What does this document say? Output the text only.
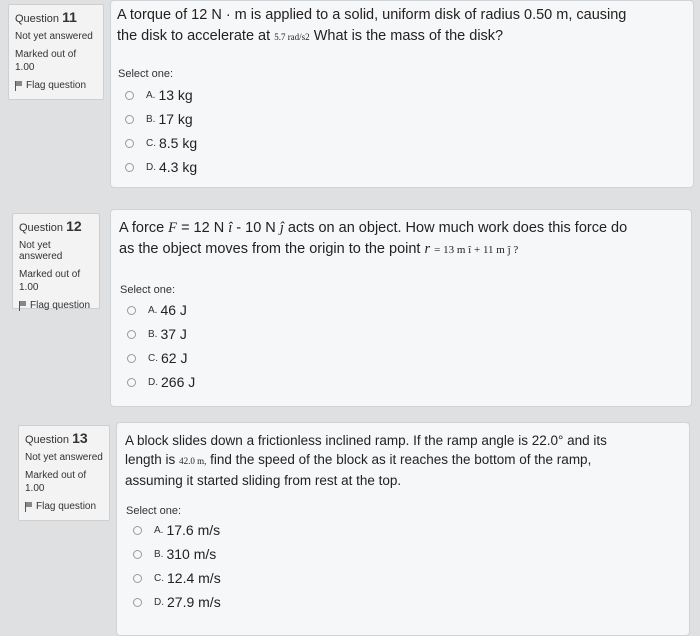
Question 11
Not yet answered
Marked out of
1.00
Flag question
A torque of 12 N · m is applied to a solid, uniform disk of radius 0.50 m, causing
the disk to accelerate at 5.7 rad/s2 What is the mass of the disk?
Select one:
A. 13 kg
B. 17 kg
C. 8.5 kg
D. 4.3 kg
Question 12
Not yet answered
Marked out of
1.00
Flag question
A force F = 12 N î - 10 N ĵ acts on an object. How much work does this force do
as the object moves from the origin to the point r = 13 m î + 11 m ĵ ?
Select one:
A. 46 J
B. 37 J
C. 62 J
D. 266 J
Question 13
Not yet answered
Marked out of
1.00
Flag question
A block slides down a frictionless inclined ramp. If the ramp angle is 22.0° and its
length is 42.0 m, find the speed of the block as it reaches the bottom of the ramp,
assuming it started sliding from rest at the top.
Select one:
A. 17.6 m/s
B. 310 m/s
C. 12.4 m/s
D. 27.9 m/s
